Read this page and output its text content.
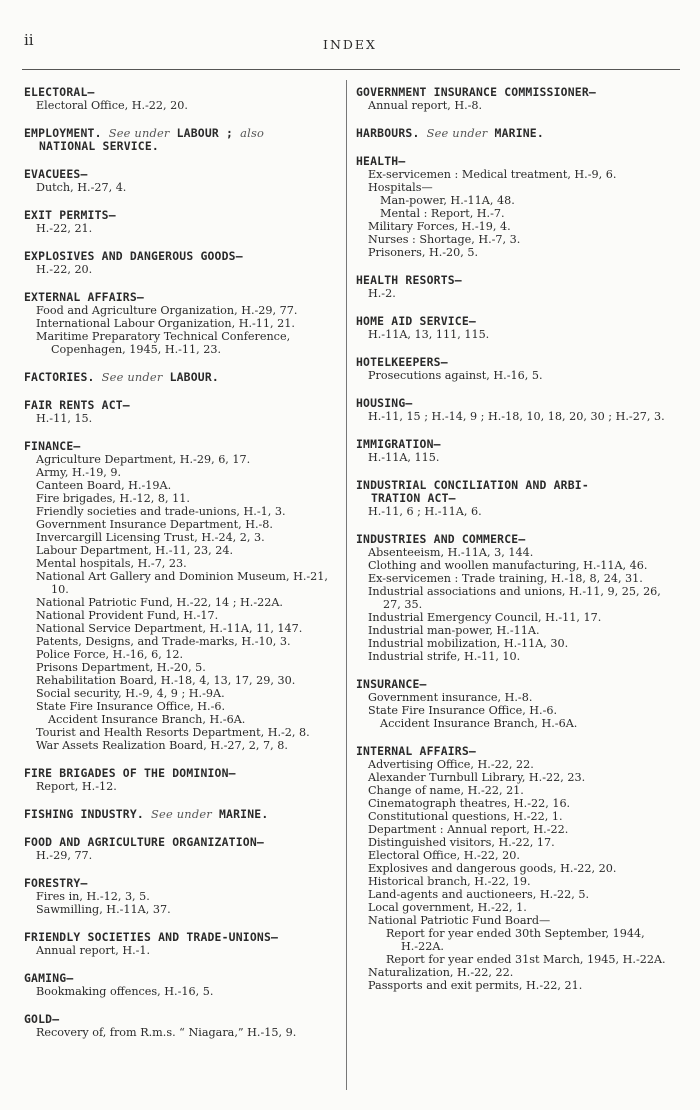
ii	INDEX
ELECTORAL—
Electoral Office, H.-22, 20.
EMPLOYMENT. See under LABOUR ; also
NATIONAL SERVICE.
EVACUEES—
Dutch, H.-27, 4.
EXIT PERMITS—
H.-22, 21.
EXPLOSIVES AND DANGEROUS GOODS—
H.-22, 20.
EXTERNAL AFFAIRS—
Food and Agriculture Organization, H.-29, 77.
International Labour Organization, H.-11, 21.
Maritime Preparatory Technical Conference, Copenhagen, 1945, H.-11, 23.
FACTORIES. See under LABOUR.
FAIR RENTS ACT—
H.-11, 15.
FINANCE—
Agriculture Department, H.-29, 6, 17.
Army, H.-19, 9.
Canteen Board, H.-19A.
Fire brigades, H.-12, 8, 11.
Friendly societies and trade-unions, H.-1, 3.
Government Insurance Department, H.-8.
Invercargill Licensing Trust, H.-24, 2, 3.
Labour Department, H.-11, 23, 24.
Mental hospitals, H.-7, 23.
National Art Gallery and Dominion Museum, H.-21, 10.
National Patriotic Fund, H.-22, 14 ; H.-22A.
National Provident Fund, H.-17.
National Service Department, H.-11A, 11, 147.
Patents, Designs, and Trade-marks, H.-10, 3.
Police Force, H.-16, 6, 12.
Prisons Department, H.-20, 5.
Rehabilitation Board, H.-18, 4, 13, 17, 29, 30.
Social security, H.-9, 4, 9 ; H.-9A.
State Fire Insurance Office, H.-6.
Accident Insurance Branch, H.-6A.
Tourist and Health Resorts Department, H.-2, 8.
War Assets Realization Board, H.-27, 2, 7, 8.
FIRE BRIGADES OF THE DOMINION—
Report, H.-12.
FISHING INDUSTRY. See under MARINE.
FOOD AND AGRICULTURE ORGANIZATION—
H.-29, 77.
FORESTRY—
Fires in, H.-12, 3, 5.
Sawmilling, H.-11A, 37.
FRIENDLY SOCIETIES AND TRADE-UNIONS—
Annual report, H.-1.
GAMING—
Bookmaking offences, H.-16, 5.
GOLD—
Recovery of, from R.m.s. “ Niagara,” H.-15, 9.
GOVERNMENT INSURANCE COMMISSIONER—
Annual report, H.-8.
HARBOURS. See under MARINE.
HEALTH—
Ex-servicemen : Medical treatment, H.-9, 6.
Hospitals—
Man-power, H.-11A, 48.
Mental : Report, H.-7.
Military Forces, H.-19, 4.
Nurses : Shortage, H.-7, 3.
Prisoners, H.-20, 5.
HEALTH RESORTS—
H.-2.
HOME AID SERVICE—
H.-11A, 13, 111, 115.
HOTELKEEPERS—
Prosecutions against, H.-16, 5.
HOUSING—
H.-11, 15 ; H.-14, 9 ; H.-18, 10, 18, 20, 30 ; H.-27, 3.
IMMIGRATION—
H.-11A, 115.
INDUSTRIAL CONCILIATION AND ARBI-
TRATION ACT—
H.-11, 6 ; H.-11A, 6.
INDUSTRIES AND COMMERCE—
Absenteeism, H.-11A, 3, 144.
Clothing and woollen manufacturing, H.-11A, 46.
Ex-servicemen : Trade training, H.-18, 8, 24, 31.
Industrial associations and unions, H.-11, 9, 25, 26, 27, 35.
Industrial Emergency Council, H.-11, 17.
Industrial man-power, H.-11A.
Industrial mobilization, H.-11A, 30.
Industrial strife, H.-11, 10.
INSURANCE—
Government insurance, H.-8.
State Fire Insurance Office, H.-6.
Accident Insurance Branch, H.-6A.
INTERNAL AFFAIRS—
Advertising Office, H.-22, 22.
Alexander Turnbull Library, H.-22, 23.
Change of name, H.-22, 21.
Cinematograph theatres, H.-22, 16.
Constitutional questions, H.-22, 1.
Department : Annual report, H.-22.
Distinguished visitors, H.-22, 17.
Electoral Office, H.-22, 20.
Explosives and dangerous goods, H.-22, 20.
Historical branch, H.-22, 19.
Land-agents and auctioneers, H.-22, 5.
Local government, H.-22, 1.
National Patriotic Fund Board—
Report for year ended 30th September, 1944, H.-22A.
Report for year ended 31st March, 1945, H.-22A.
Naturalization, H.-22, 22.
Passports and exit permits, H.-22, 21.
